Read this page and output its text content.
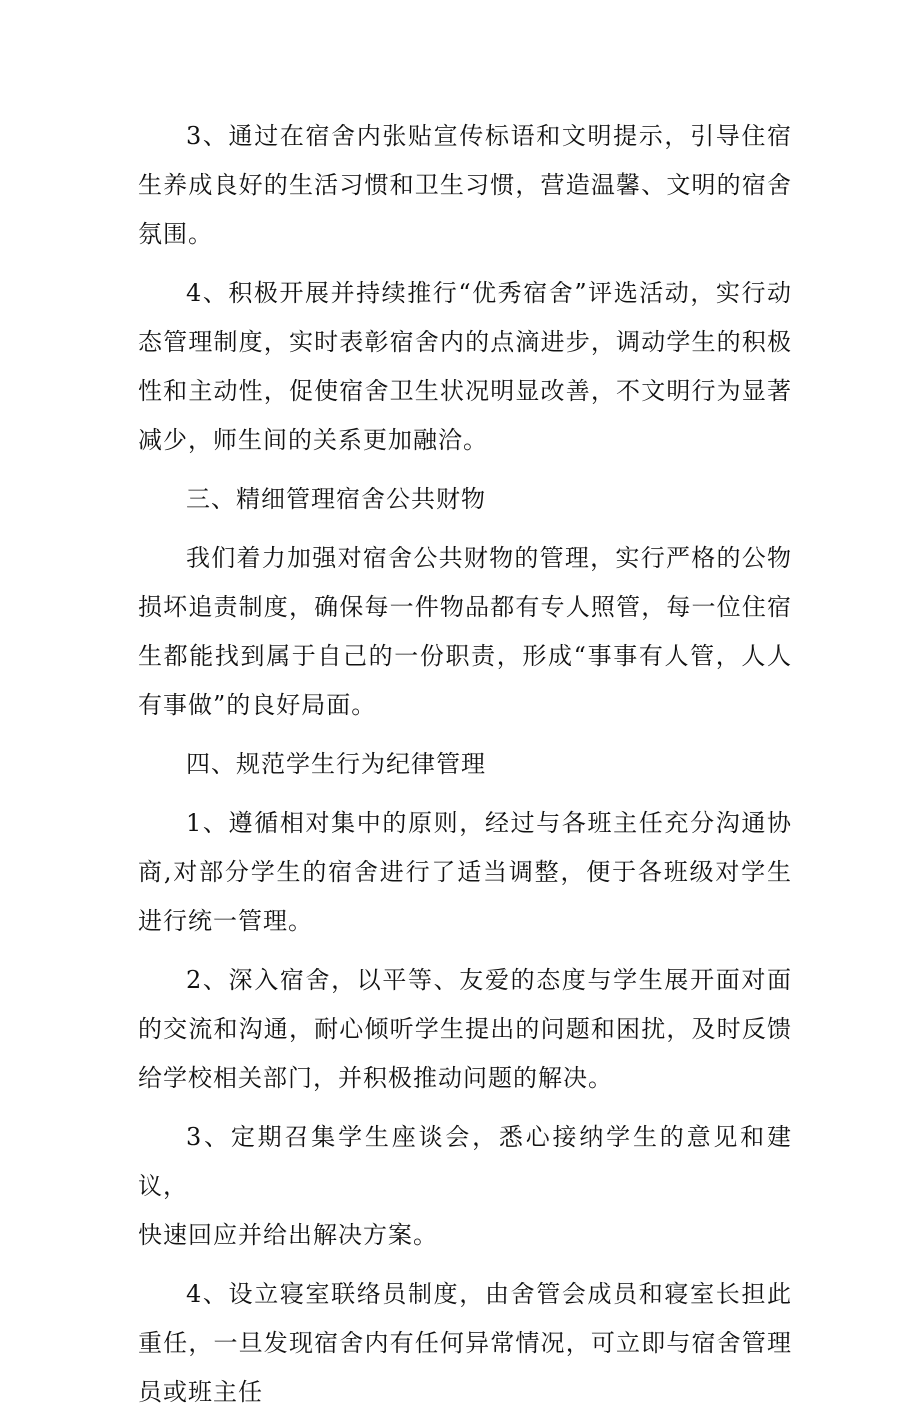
3、通过在宿舍内张贴宣传标语和文明提示，引导住宿生养成良好的生活习惯和卫生习惯，营造温馨、文明的宿舍氛围。

4、积极开展并持续推行“优秀宿舍”评选活动，实行动态管理制度，实时表彰宿舍内的点滴进步，调动学生的积极性和主动性，促使宿舍卫生状况明显改善，不文明行为显著减少，师生间的关系更加融洽。

三、精细管理宿舍公共财物

我们着力加强对宿舍公共财物的管理，实行严格的公物损坏追责制度，确保每一件物品都有专人照管，每一位住宿生都能找到属于自己的一份职责，形成“事事有人管，人人有事做”的良好局面。

四、规范学生行为纪律管理

1、遵循相对集中的原则，经过与各班主任充分沟通协商,对部分学生的宿舍进行了适当调整，便于各班级对学生进行统一管理。

2、深入宿舍，以平等、友爱的态度与学生展开面对面的交流和沟通，耐心倾听学生提出的问题和困扰，及时反馈给学校相关部门，并积极推动问题的解决。

3、定期召集学生座谈会，悉心接纳学生的意见和建议，

快速回应并给出解决方案。

4、设立寝室联络员制度，由舍管会成员和寝室长担此重任，一旦发现宿舍内有任何异常情况，可立即与宿舍管理员或班主任
